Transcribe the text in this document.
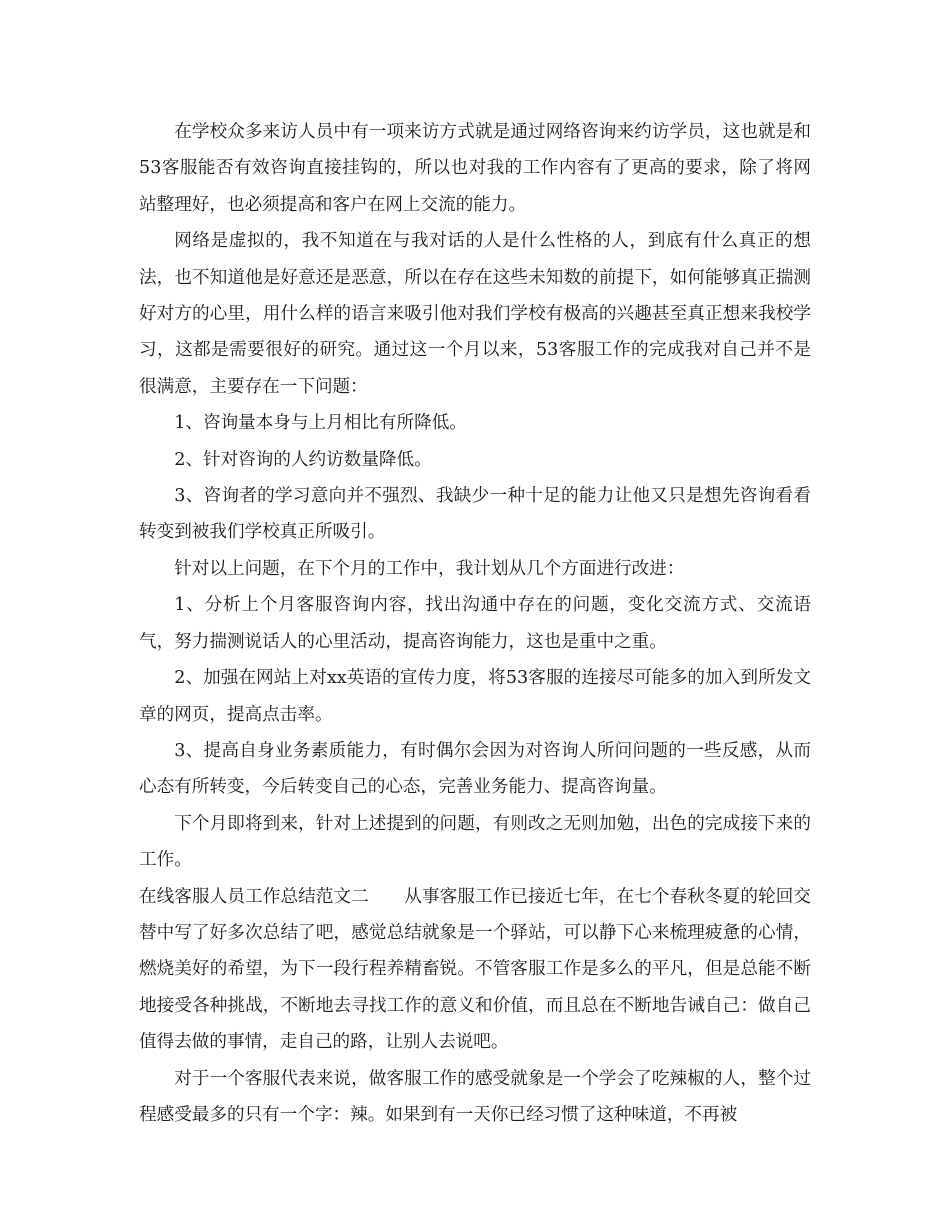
在学校众多来访人员中有一项来访方式就是通过网络咨询来约访学员，这也就是和53客服能否有效咨询直接挂钩的，所以也对我的工作内容有了更高的要求，除了将网站整理好，也必须提高和客户在网上交流的能力。

网络是虚拟的，我不知道在与我对话的人是什么性格的人，到底有什么真正的想法，也不知道他是好意还是恶意，所以在存在这些未知数的前提下，如何能够真正揣测好对方的心里，用什么样的语言来吸引他对我们学校有极高的兴趣甚至真正想来我校学习，这都是需要很好的研究。通过这一个月以来，53客服工作的完成我对自己并不是很满意，主要存在一下问题：

1、咨询量本身与上月相比有所降低。

2、针对咨询的人约访数量降低。

3、咨询者的学习意向并不强烈、我缺少一种十足的能力让他又只是想先咨询看看转变到被我们学校真正所吸引。

针对以上问题，在下个月的工作中，我计划从几个方面进行改进：

1、分析上个月客服咨询内容，找出沟通中存在的问题，变化交流方式、交流语气，努力揣测说话人的心里活动，提高咨询能力，这也是重中之重。

2、加强在网站上对xx英语的宣传力度，将53客服的连接尽可能多的加入到所发文章的网页，提高点击率。

3、提高自身业务素质能力，有时偶尔会因为对咨询人所问问题的一些反感，从而心态有所转变，今后转变自己的心态，完善业务能力、提高咨询量。

下个月即将到来，针对上述提到的问题，有则改之无则加勉，出色的完成接下来的工作。

在线客服人员工作总结范文二　　 从事客服工作已接近七年，在七个春秋冬夏的轮回交替中写了好多次总结了吧，感觉总结就象是一个驿站，可以静下心来梳理疲惫的心情，燃烧美好的希望，为下一段行程养精畜锐。不管客服工作是多么的平凡，但是总能不断地接受各种挑战，不断地去寻找工作的意义和价值，而且总在不断地告诫自己：做自己值得去做的事情，走自己的路，让别人去说吧。

对于一个客服代表来说，做客服工作的感受就象是一个学会了吃辣椒的人，整个过程感受最多的只有一个字：辣。如果到有一天你已经习惯了这种味道，不再被
